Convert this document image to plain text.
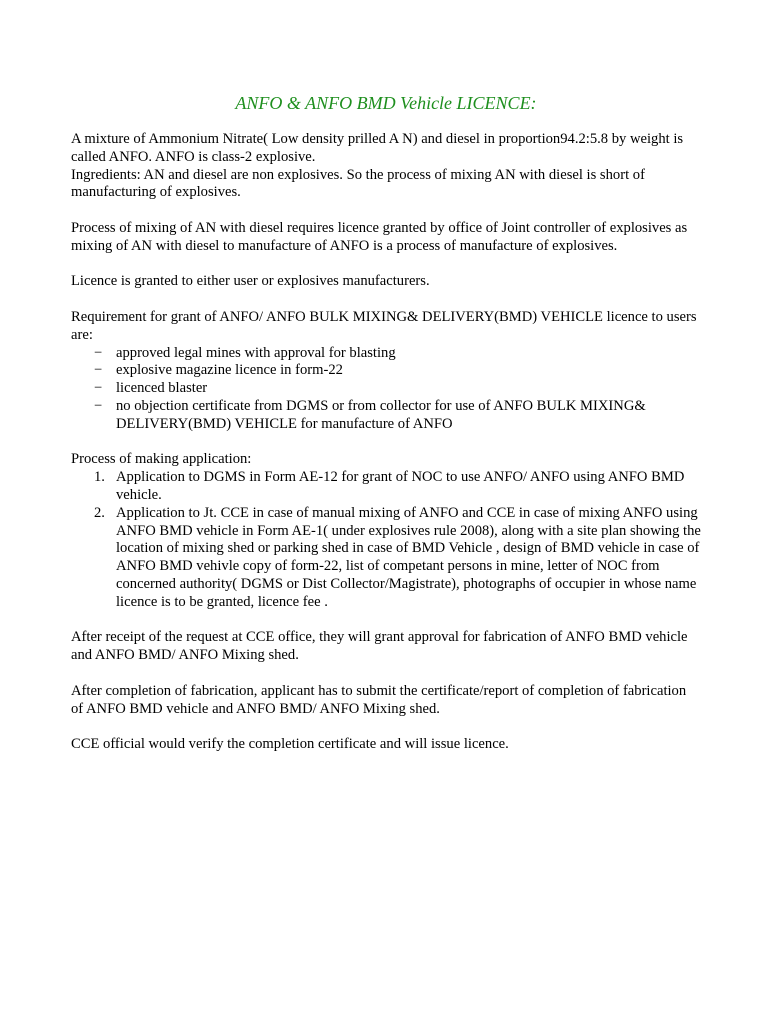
ANFO & ANFO BMD Vehicle LICENCE:

A mixture of Ammonium Nitrate( Low density prilled A N) and diesel in proportion94.2:5.8 by weight is called ANFO. ANFO is class-2 explosive.

Ingredients: AN and diesel are non explosives. So the process of mixing AN with diesel is short of manufacturing of explosives.

Process of mixing of AN with diesel requires licence granted by office of Joint controller of explosives as mixing of AN with diesel to manufacture of ANFO is a process of manufacture of explosives.

Licence is granted to either user or explosives manufacturers.

Requirement for grant of ANFO/ ANFO BULK MIXING& DELIVERY(BMD) VEHICLE licence to users are:

− approved legal mines with approval for blasting
− explosive magazine licence in form-22
− licenced blaster
− no objection certificate from DGMS or from collector for use of ANFO BULK MIXING& DELIVERY(BMD) VEHICLE for manufacture of ANFO

Process of making application:

1. Application to DGMS in Form AE-12 for grant of NOC to use ANFO/ ANFO using ANFO BMD vehicle.
2. Application to Jt. CCE in case of manual mixing of ANFO and CCE in case of mixing ANFO using ANFO BMD vehicle in Form AE-1( under explosives rule 2008), along with a site plan showing the location of mixing shed or parking shed in case of BMD Vehicle , design of BMD vehicle in case of ANFO BMD vehivle copy of form-22, list of competant persons in mine, letter of NOC from concerned authority( DGMS or Dist Collector/Magistrate), photographs of occupier in whose name licence is to be granted, licence fee .

After receipt of the request at CCE office, they will grant approval for fabrication of ANFO BMD vehicle and ANFO BMD/ ANFO Mixing shed.

After completion of fabrication, applicant has to submit the certificate/report of completion of fabrication of ANFO BMD vehicle and ANFO BMD/ ANFO Mixing shed.

CCE official would verify the completion certificate and will issue licence.
